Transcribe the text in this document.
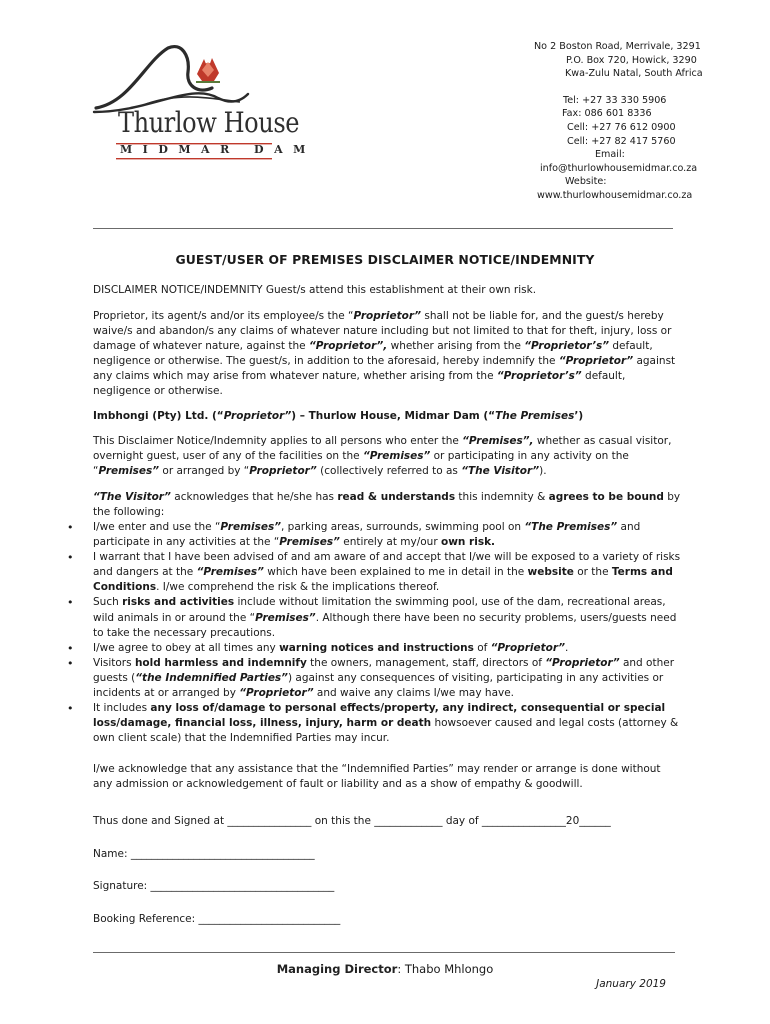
Thurlow House
MIDMAR DAM
No 2 Boston Road, Merrivale, 3291
P.O. Box 720, Howick, 3290
Kwa-Zulu Natal, South Africa
Tel: +27 33 330 5906
Fax: 086 601 8336
Cell: +27 76 612 0900
Cell: +27 82 417 5760
Email:
info@thurlowhousemidmar.co.za
Website:
www.thurlowhousemidmar.co.za
GUEST/USER OF PREMISES DISCLAIMER NOTICE/INDEMNITY

DISCLAIMER NOTICE/INDEMNITY Guest/s attend this establishment at their own risk.

Proprietor, its agent/s and/or its employee/s the “Proprietor” shall not be liable for, and the guest/s hereby waive/s and abandon/s any claims of whatever nature including but not limited to that for theft, injury, loss or damage of whatever nature, against the “Proprietor”, whether arising from the “Proprietor’s” default, negligence or otherwise. The guest/s, in addition to the aforesaid, hereby indemnify the “Proprietor” against any claims which may arise from whatever nature, whether arising from the “Proprietor’s” default, negligence or otherwise.

Imbhongi (Pty) Ltd. (“Proprietor”) – Thurlow House, Midmar Dam (“The Premises’)

This Disclaimer Notice/Indemnity applies to all persons who enter the “Premises”, whether as casual visitor, overnight guest, user of any of the facilities on the “Premises” or participating in any activity on the “Premises” or arranged by “Proprietor” (collectively referred to as “The Visitor”).

“The Visitor” acknowledges that he/she has read & understands this indemnity & agrees to be bound by the following:

• I/we enter and use the “Premises”, parking areas, surrounds, swimming pool on “The Premises” and participate in any activities at the “Premises” entirely at my/our own risk.
• I warrant that I have been advised of and am aware of and accept that I/we will be exposed to a variety of risks and dangers at the “Premises” which have been explained to me in detail in the website or the Terms and Conditions. I/we comprehend the risk & the implications thereof.
• Such risks and activities include without limitation the swimming pool, use of the dam, recreational areas, wild animals in or around the “Premises”. Although there have been no security problems, users/guests need to take the necessary precautions.
• I/we agree to obey at all times any warning notices and instructions of “Proprietor”.
• Visitors hold harmless and indemnify the owners, management, staff, directors of “Proprietor” and other guests (“the Indemnified Parties”) against any consequences of visiting, participating in any activities or incidents at or arranged by “Proprietor” and waive any claims I/we may have.
• It includes any loss of/damage to personal effects/property, any indirect, consequential or special loss/damage, financial loss, illness, injury, harm or death howsoever caused and legal costs (attorney & own client scale) that the Indemnified Parties may incur.

I/we acknowledge that any assistance that the “Indemnified Parties” may render or arrange is done without any admission or acknowledgement of fault or liability and as a show of empathy & goodwill.

Thus done and Signed at ________________ on this the _____________ day of ________________20______
Name: ___________________________________
Signature: ___________________________________
Booking Reference: ___________________________
Managing Director: Thabo Mhlongo
January 2019
